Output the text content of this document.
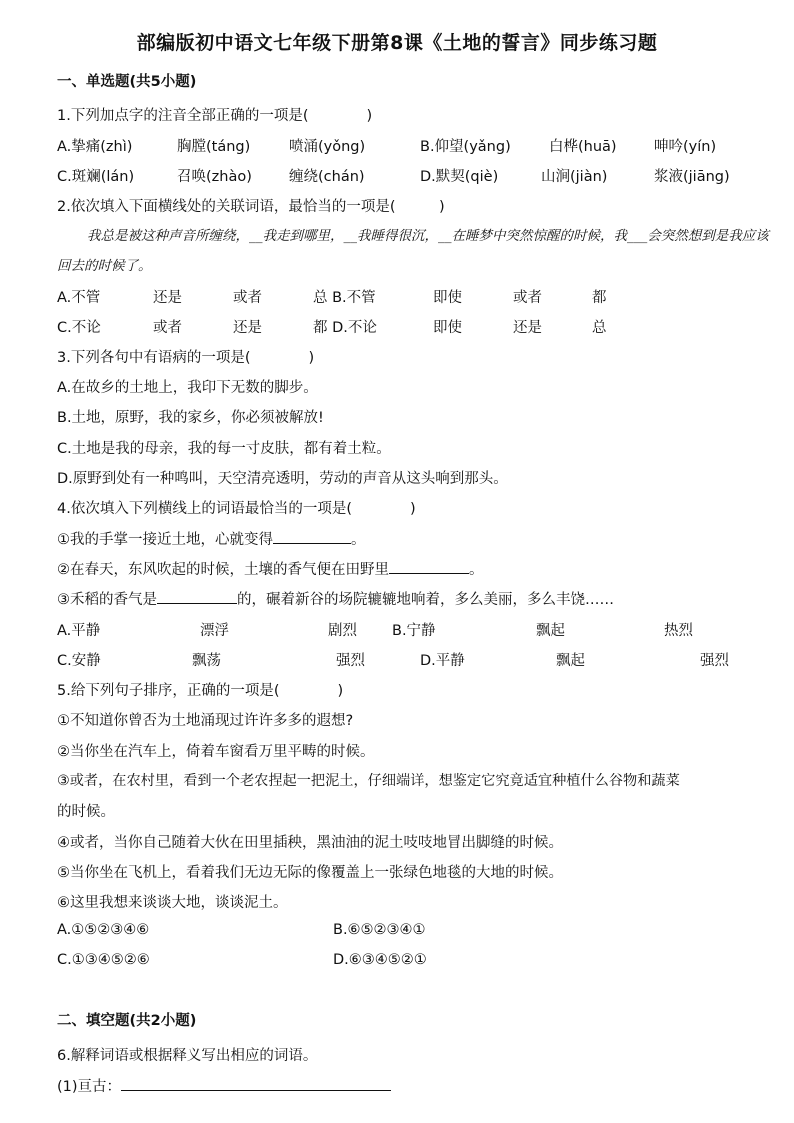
部编版初中语文七年级下册第8课《土地的誓言》同步练习题
一、单选题(共5小题)
1.下列加点字的注音全部正确的一项是(　　　　)
A.挚痛(zhì)	胸膛(táng)	喷涌(yǒng)	B.仰望(yǎng)	白桦(huā)	呻吟(yín)
C.斑斓(lán)	召唤(zhào)	缠绕(chán)	D.默契(qiè)	山涧(jiàn)	浆液(jiāng)
2.依次填入下面横线处的关联词语，最恰当的一项是(　　　)
我总是被这种声音所缠绕，__我走到哪里，__我睡得很沉，__在睡梦中突然惊醒的时候，我___会突然想到是我应该回去的时候了。
A.不管	还是	或者	总 B.不管	即使	或者	都
C.不论	或者	还是	都 D.不论	即使	还是	总
3.下列各句中有语病的一项是(　　　　)
A.在故乡的土地上，我印下无数的脚步。
B.土地，原野，我的家乡，你必须被解放!
C.土地是我的母亲，我的每一寸皮肤，都有着土粒。
D.原野到处有一种鸣叫，天空清亮透明，劳动的声音从这头响到那头。
4.依次填入下列横线上的词语最恰当的一项是(　　　　)
①我的手掌一接近土地，心就变得	。
②在春天，东风吹起的时候，土壤的香气便在田野里	。
③禾稻的香气是	的，碾着新谷的场院辘辘地响着，多么美丽，多么丰饶……
A.平静	漂浮	剧烈 B.宁静	飘起	热烈
C.安静	飘荡	强烈	D.平静	飘起	强烈
5.给下列句子排序，正确的一项是(　　　　)
①不知道你曾否为土地涌现过许许多多的遐想?
②当你坐在汽车上，倚着车窗看万里平畴的时候。
③或者，在农村里，看到一个老农捏起一把泥土，仔细端详，想鉴定它究竟适宜种植什么谷物和蔬菜
的时候。
④或者，当你自己随着大伙在田里插秧，黑油油的泥土吱吱地冒出脚缝的时候。
⑤当你坐在飞机上，看着我们无边无际的像覆盖上一张绿色地毯的大地的时候。
⑥这里我想来谈谈大地，谈谈泥土。
A.①⑤②③④⑥	B.⑥⑤②③④①
C.①③④⑤②⑥	D.⑥③④⑤②①
二、填空题(共2小题)
6.解释词语或根据释义写出相应的词语。
(1)亘古：
